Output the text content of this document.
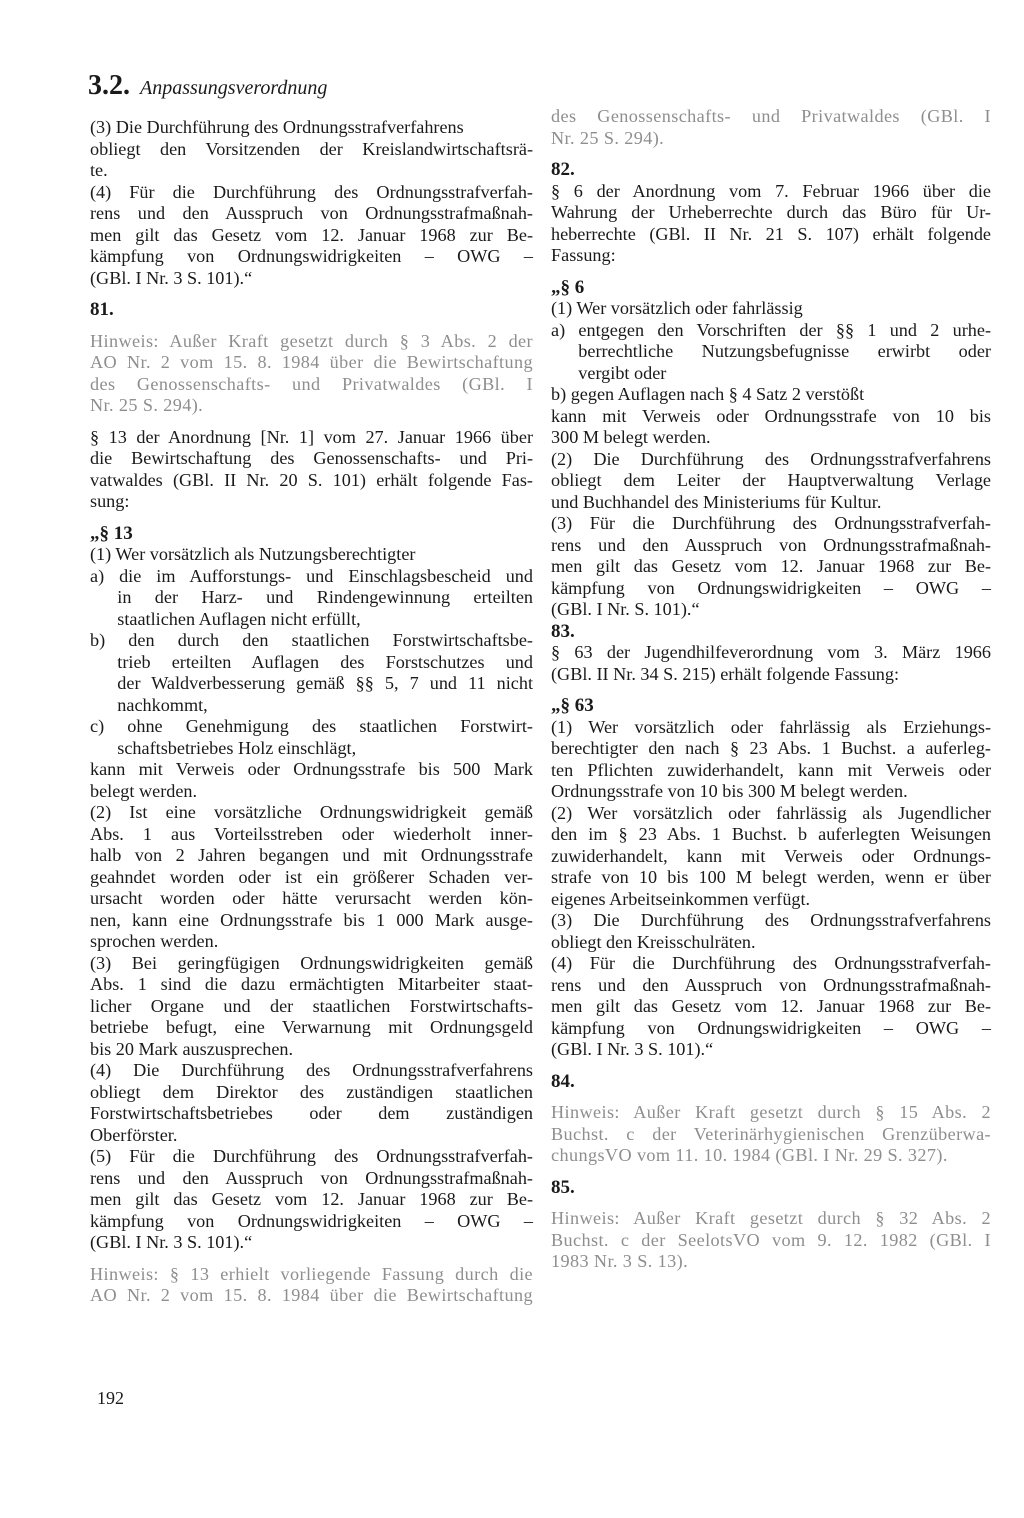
3.2. Anpassungsverordnung
(3) Die Durchführung des Ordnungsstrafverfahrens
obliegt den Vorsitzenden der Kreislandwirtschaftsrä-
te.
(4) Für die Durchführung des Ordnungsstrafverfah-
rens und den Ausspruch von Ordnungsstrafmaßnah-
men gilt das Gesetz vom 12. Januar 1968 zur Be-
kämpfung von Ordnungswidrigkeiten – OWG –
(GBl. I Nr. 3 S. 101).“
81.
Hinweis: Außer Kraft gesetzt durch § 3 Abs. 2 der
AO Nr. 2 vom 15. 8. 1984 über die Bewirtschaftung
des Genossenschafts- und Privatwaldes (GBl. I
Nr. 25 S. 294).
§ 13 der Anordnung [Nr. 1] vom 27. Januar 1966 über
die Bewirtschaftung des Genossenschafts- und Pri-
vatwaldes (GBl. II Nr. 20 S. 101) erhält folgende Fas-
sung:
„§ 13
(1) Wer vorsätzlich als Nutzungsberechtigter
a) die im Aufforstungs- und Einschlagsbescheid und
  in der Harz- und Rindengewinnung erteilten
  staatlichen Auflagen nicht erfüllt,
b) den durch den staatlichen Forstwirtschaftsbe-
  trieb erteilten Auflagen des Forstschutzes und
  der Waldverbesserung gemäß §§ 5, 7 und 11 nicht
  nachkommt,
c) ohne Genehmigung des staatlichen Forstwirt-
  schaftsbetriebes Holz einschlägt,
kann mit Verweis oder Ordnungsstrafe bis 500 Mark
belegt werden.
(2) Ist eine vorsätzliche Ordnungswidrigkeit gemäß
Abs. 1 aus Vorteilsstreben oder wiederholt inner-
halb von 2 Jahren begangen und mit Ordnungsstrafe
geahndet worden oder ist ein größerer Schaden ver-
ursacht worden oder hätte verursacht werden kön-
nen, kann eine Ordnungsstrafe bis 1 000 Mark ausge-
sprochen werden.
(3) Bei geringfügigen Ordnungswidrigkeiten gemäß
Abs. 1 sind die dazu ermächtigten Mitarbeiter staat-
licher Organe und der staatlichen Forstwirtschafts-
betriebe befugt, eine Verwarnung mit Ordnungsgeld
bis 20 Mark auszusprechen.
(4) Die Durchführung des Ordnungsstrafverfahrens
obliegt dem Direktor des zuständigen staatlichen
Forstwirtschaftsbetriebes oder dem zuständigen
Oberförster.
(5) Für die Durchführung des Ordnungsstrafverfah-
rens und den Ausspruch von Ordnungsstrafmaßnah-
men gilt das Gesetz vom 12. Januar 1968 zur Be-
kämpfung von Ordnungswidrigkeiten – OWG –
(GBl. I Nr. 3 S. 101).“
Hinweis: § 13 erhielt vorliegende Fassung durch die
AO Nr. 2 vom 15. 8. 1984 über die Bewirtschaftung
des Genossenschafts- und Privatwaldes (GBl. I
Nr. 25 S. 294).
82.
§ 6 der Anordnung vom 7. Februar 1966 über die
Wahrung der Urheberrechte durch das Büro für Ur-
heberrechte (GBl. II Nr. 21 S. 107) erhält folgende
Fassung:
„§ 6
(1) Wer vorsätzlich oder fahrlässig
a) entgegen den Vorschriften der §§ 1 und 2 urhe-
  berrechtliche Nutzungsbefugnisse erwirbt oder
  vergibt oder
b) gegen Auflagen nach § 4 Satz 2 verstößt
kann mit Verweis oder Ordnungsstrafe von 10 bis
300 M belegt werden.
(2) Die Durchführung des Ordnungsstrafverfahrens
obliegt dem Leiter der Hauptverwaltung Verlage
und Buchhandel des Ministeriums für Kultur.
(3) Für die Durchführung des Ordnungsstrafverfah-
rens und den Ausspruch von Ordnungsstrafmaßnah-
men gilt das Gesetz vom 12. Januar 1968 zur Be-
kämpfung von Ordnungswidrigkeiten – OWG –
(GBl. I Nr. S. 101).“
83.
§ 63 der Jugendhilfeverordnung vom 3. März 1966
(GBl. II Nr. 34 S. 215) erhält folgende Fassung:
„§ 63
(1) Wer vorsätzlich oder fahrlässig als Erziehungs-
berechtigter den nach § 23 Abs. 1 Buchst. a auferleg-
ten Pflichten zuwiderhandelt, kann mit Verweis oder
Ordnungsstrafe von 10 bis 300 M belegt werden.
(2) Wer vorsätzlich oder fahrlässig als Jugendlicher
den im § 23 Abs. 1 Buchst. b auferlegten Weisungen
zuwiderhandelt, kann mit Verweis oder Ordnungs-
strafe von 10 bis 100 M belegt werden, wenn er über
eigenes Arbeitseinkommen verfügt.
(3) Die Durchführung des Ordnungsstrafverfahrens
obliegt den Kreisschulräten.
(4) Für die Durchführung des Ordnungsstrafverfah-
rens und den Ausspruch von Ordnungsstrafmaßnah-
men gilt das Gesetz vom 12. Januar 1968 zur Be-
kämpfung von Ordnungswidrigkeiten – OWG –
(GBl. I Nr. 3 S. 101).“
84.
Hinweis: Außer Kraft gesetzt durch § 15 Abs. 2
Buchst. c der Veterinärhygienischen Grenzüberwa-
chungsVO vom 11. 10. 1984 (GBl. I Nr. 29 S. 327).
85.
Hinweis: Außer Kraft gesetzt durch § 32 Abs. 2
Buchst. c der SeelotsVO vom 9. 12. 1982 (GBl. I
1983 Nr. 3 S. 13).
192
